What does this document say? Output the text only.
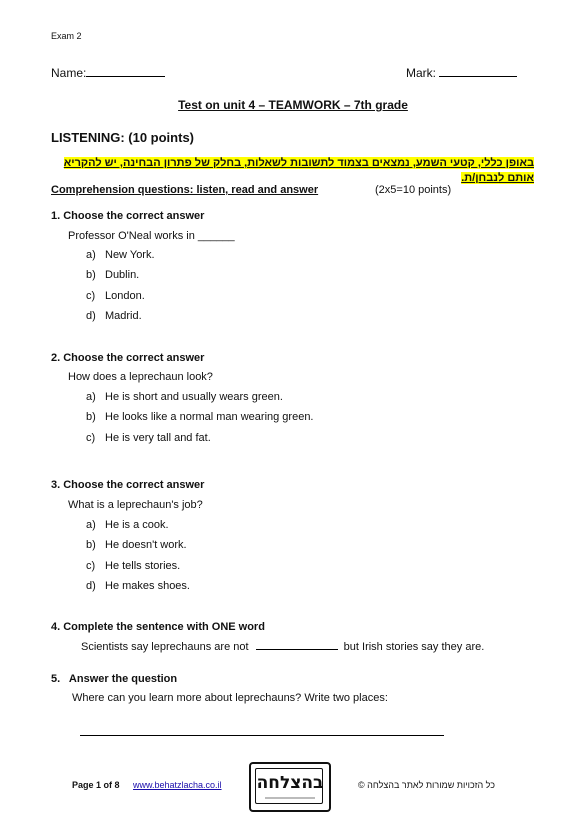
Exam 2
Name:	Mark:
Test on unit 4 – TEAMWORK – 7th grade
LISTENING: (10 points)
באופן כללי, קטעי השמע, נמצאים בצמוד לתשובות לשאלות, בחלק של פתרון הבחינה, יש להקריא
אותם לנבחן/ת.
Comprehension questions: listen, read and answer	(2x5=10 points)
1. Choose the correct answer
Professor O'Neal works in ______
a) New York.
b) Dublin.
c) London.
d) Madrid.
2. Choose the correct answer
How does a leprechaun look?
a) He is short and usually wears green.
b) He looks like a normal man wearing green.
c) He is very tall and fat.
3. Choose the correct answer
What is a leprechaun's job?
a) He is a cook.
b) He doesn't work.
c) He tells stories.
d) He makes shoes.
4. Complete the sentence with ONE word
Scientists say leprechauns are not	but Irish stories say they are.
5.   Answer the question
Where can you learn more about leprechauns? Write two places:
Page 1 of 8 www.behatzlacha.co.il	בהצלחה	כל הזכויות שמורות לאתר בהצלחה ©
